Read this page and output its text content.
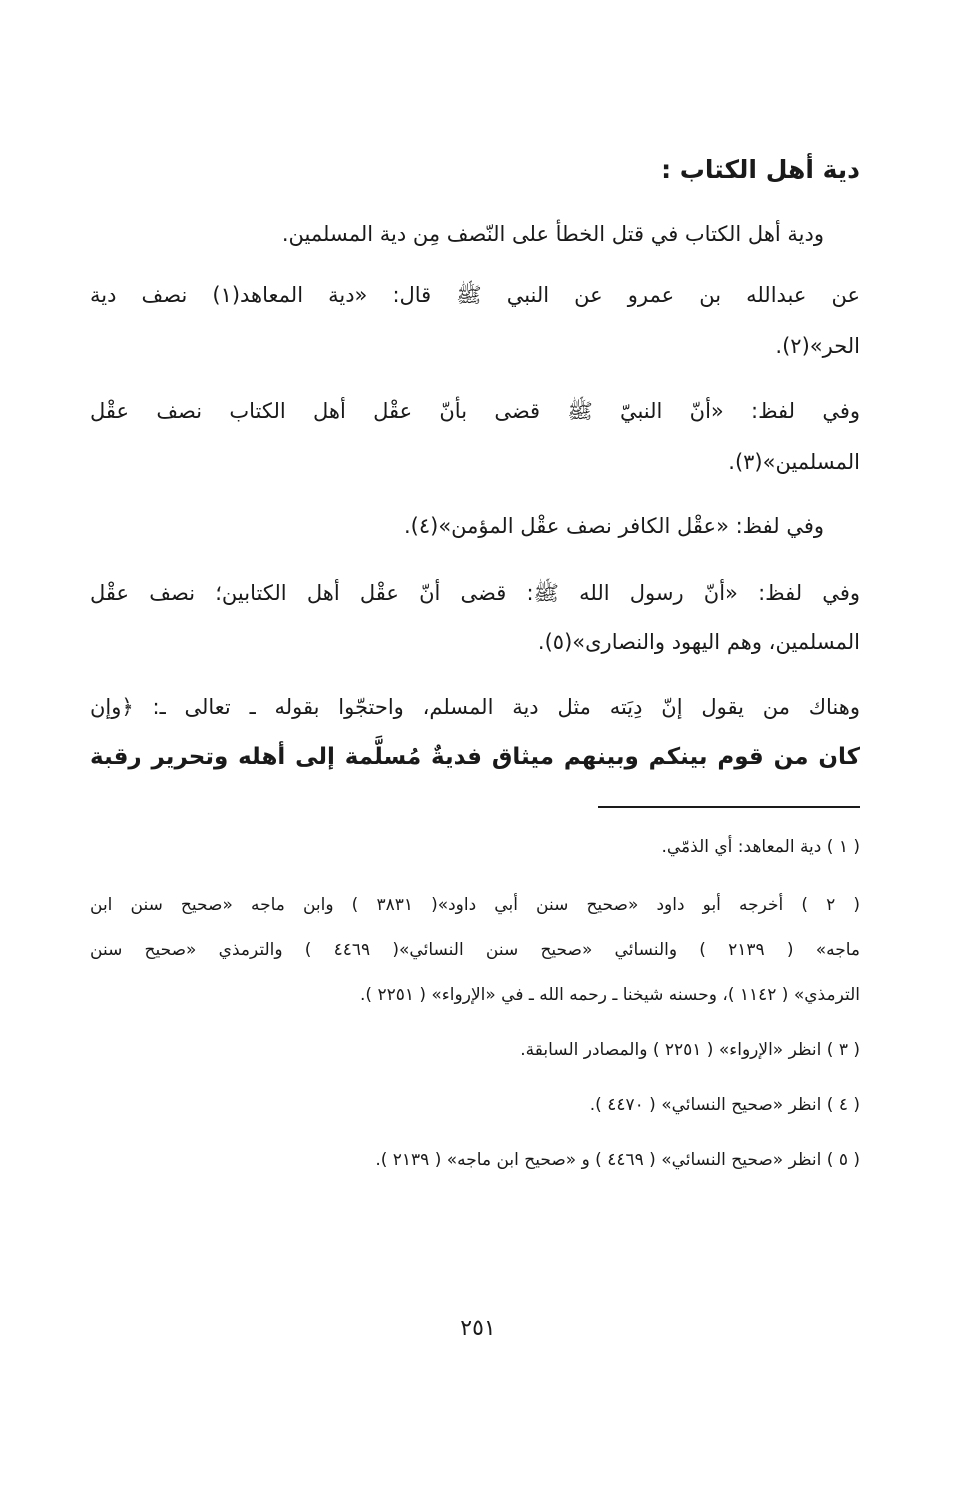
دية أهل الكتاب :
ودية أهل الكتاب في قتل الخطأ على النّصف مِن دية المسلمين.
عن عبدالله بن عمرو عن النبي ﷺ قال: «دية المعاهد(١) نصف دية
الحر»(٢).
وفي لفظ: «أنّ النبيّ ﷺ قضى بأنّ عقْل أهل الكتاب نصف عقْل
المسلمين»(٣).
وفي لفظ: «عقْل الكافر نصف عقْل المؤمن»(٤).
وفي لفظ: «أنّ رسول الله ﷺ: قضى أنّ عقْل أهل الكتابين؛ نصف عقْل
المسلمين، وهم اليهود والنصارى»(٥).
وهناك من يقول إنّ دِيَته مثل دية المسلم، واحتجّوا بقوله ـ تعالى ـ: ﴿وإن
كان من قوم بينكم وبينهم ميثاق فديةٌ مُسلَّمة إلى أهله وتحرير رقبة
( ١ ) دية المعاهد: أي الذمّي.
( ٢ ) أخرجه أبو داود «صحيح سنن أبي داود»( ٣٨٣١ ) وابن ماجه «صحيح سنن ابن
ماجه» ( ٢١٣٩ ) والنسائي «صحيح سنن النسائي»( ٤٤٦٩ ) والترمذي «صحيح سنن
الترمذي» ( ١١٤٢ )، وحسنه شيخنا ـ رحمه الله ـ في «الإرواء» ( ٢٢٥١ ).
( ٣ ) انظر «الإرواء» ( ٢٢٥١ ) والمصادر السابقة.
( ٤ ) انظر «صحيح النسائي» ( ٤٤٧٠ ).
( ٥ ) انظر «صحيح النسائي» ( ٤٤٦٩ ) و «صحيح ابن ماجه» ( ٢١٣٩ ).
٢٥١
